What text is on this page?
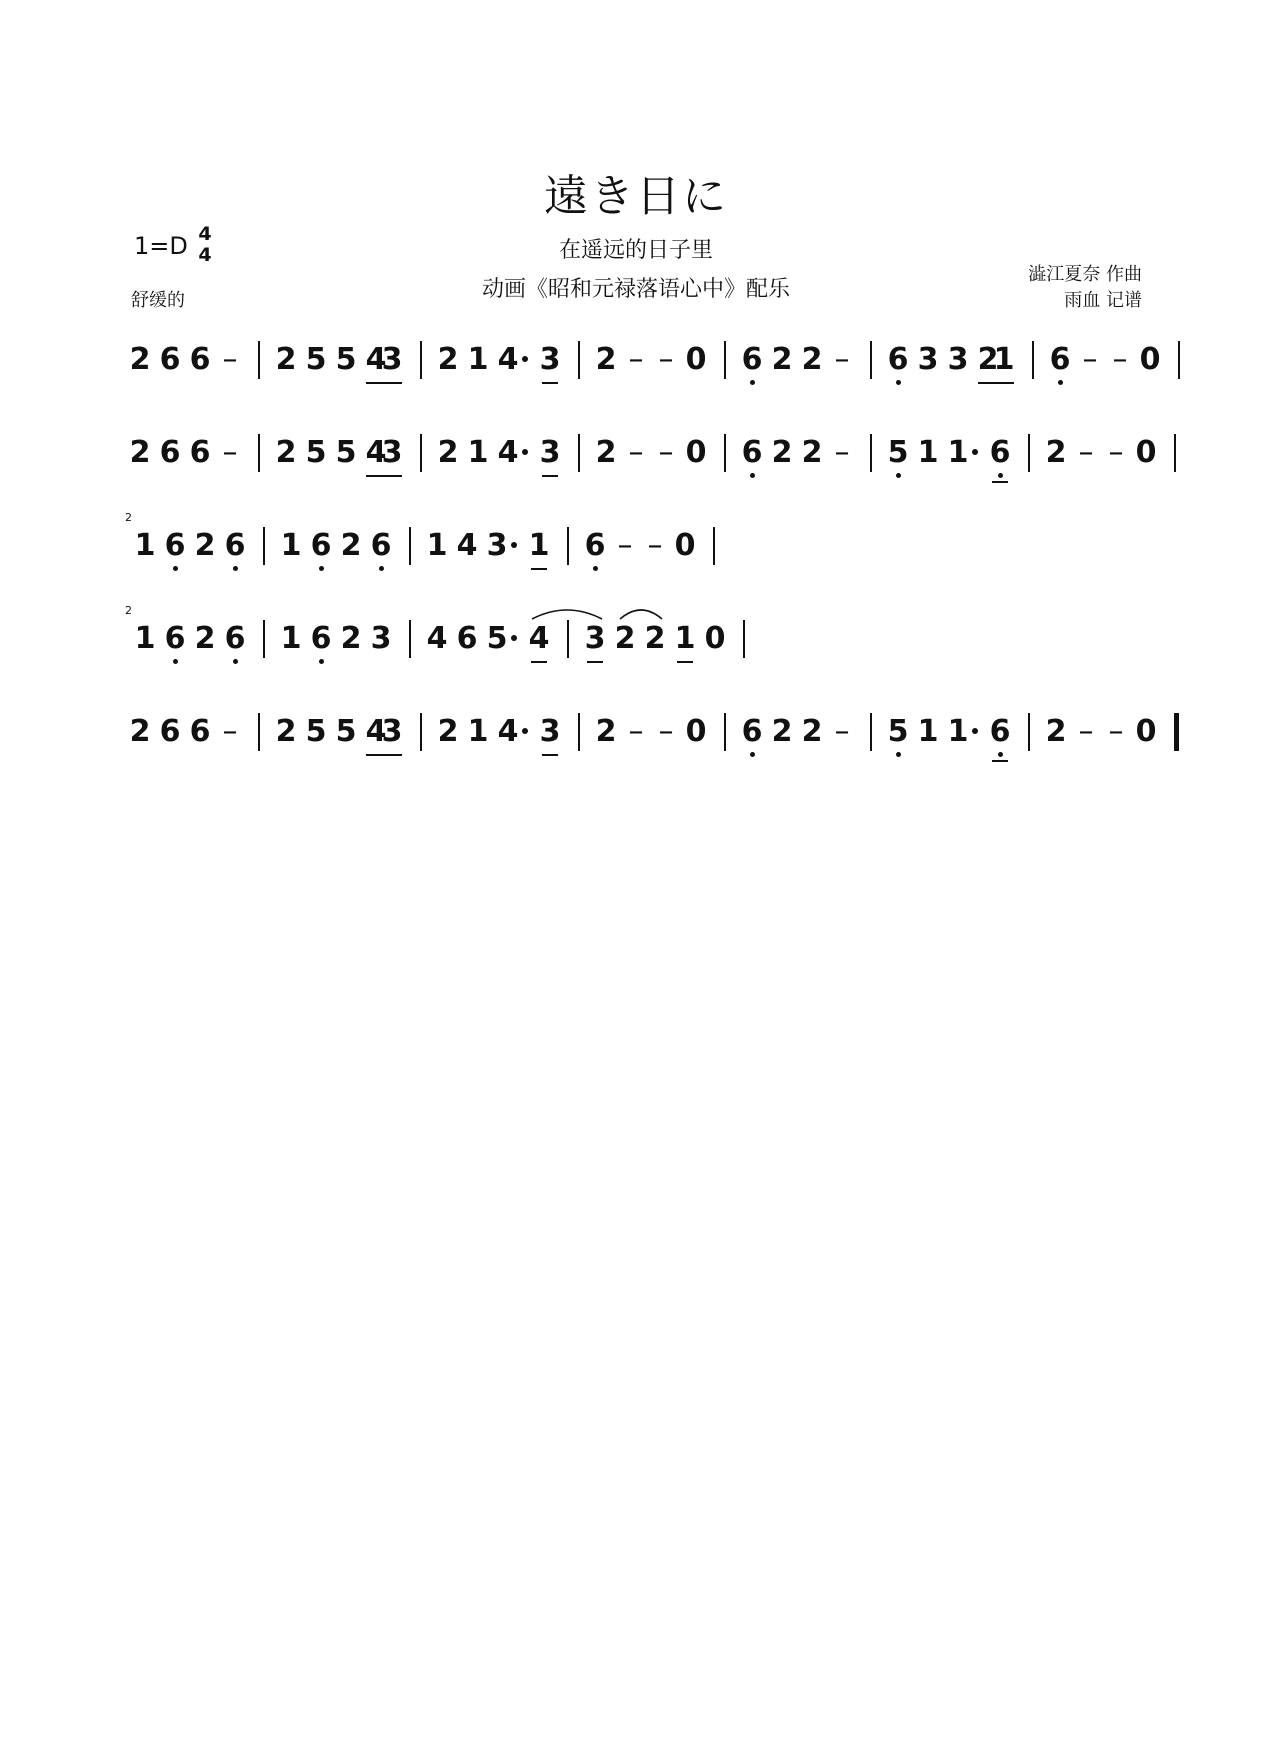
遠き日に
在遥远的日子里
动画《昭和元禄落语心中》配乐
1=D 4
4
舒缓的
澁江夏奈 作曲
雨血 记谱
2 6 6 – 2 5 5 4
3 2 1 4 3 2 – – 0 6 2 2 – 6 3 3 2
1 6 – – 0
2 6 6 – 2 5 5 4
3 2 1 4 3 2 – – 0 6 2 2 – 5 1 1 6 2 – – 0
2
1 6 2 6 1 6 2 6 1 4 3 1 6 – – 0
2
1 6 2 6 1 6 2 3 4 6 5 4 3 2 2 1 0
2 6 6 – 2 5 5 4
3 2 1 4 3 2 – – 0 6 2 2 – 5 1 1 6 2 – – 0
